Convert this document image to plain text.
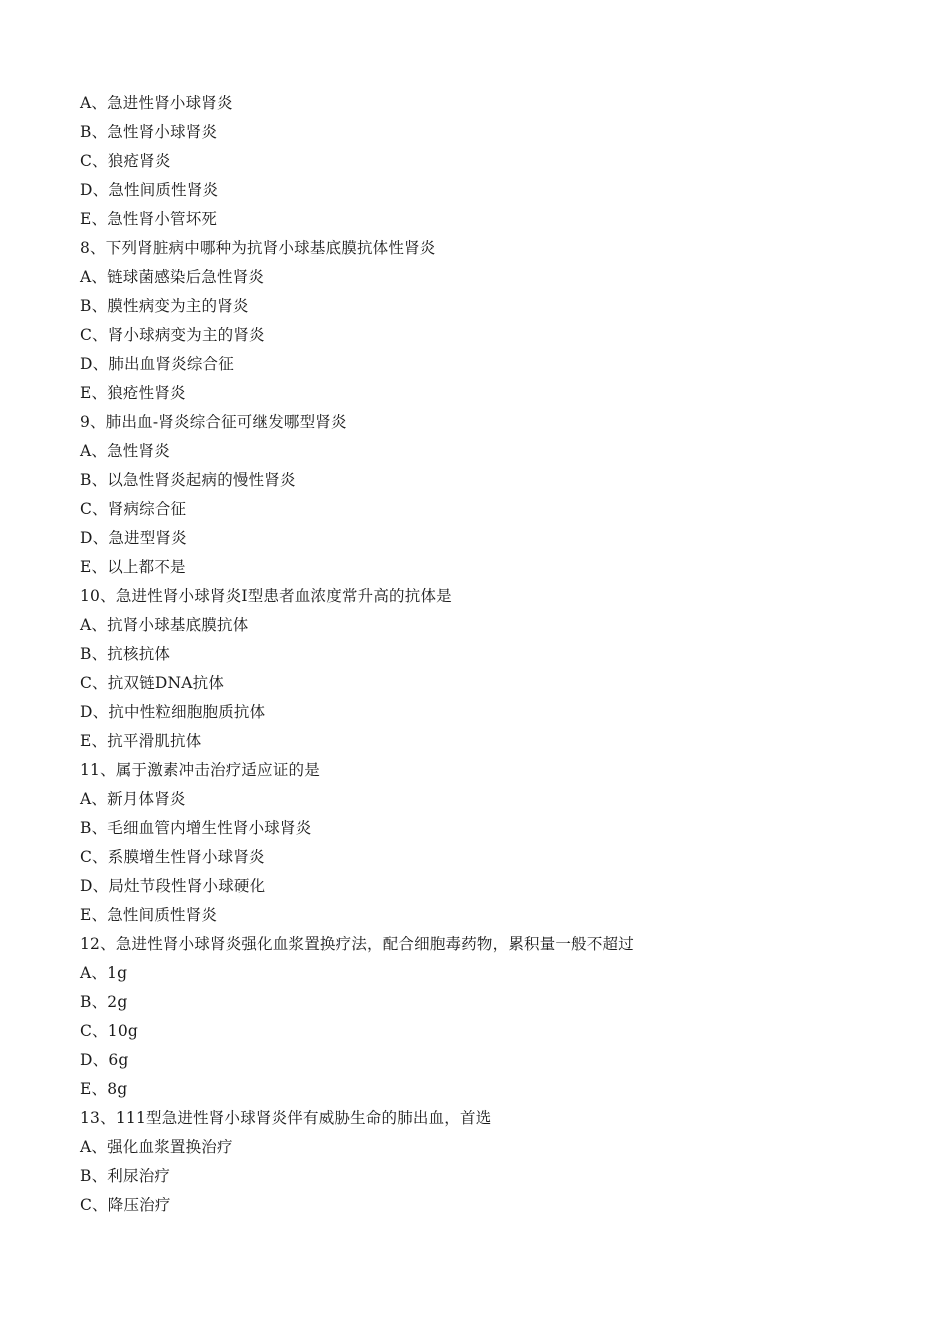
A、急进性肾小球肾炎
B、急性肾小球肾炎
C、狼疮肾炎
D、急性间质性肾炎
E、急性肾小管坏死
8、下列肾脏病中哪种为抗肾小球基底膜抗体性肾炎
A、链球菌感染后急性肾炎
B、膜性病变为主的肾炎
C、肾小球病变为主的肾炎
D、肺出血肾炎综合征
E、狼疮性肾炎
9、肺出血-肾炎综合征可继发哪型肾炎
A、急性肾炎
B、以急性肾炎起病的慢性肾炎
C、肾病综合征
D、急进型肾炎
E、以上都不是
10、急进性肾小球肾炎Ⅰ型患者血浓度常升高的抗体是
A、抗肾小球基底膜抗体
B、抗核抗体
C、抗双链DNA抗体
D、抗中性粒细胞胞质抗体
E、抗平滑肌抗体
11、属于激素冲击治疗适应证的是
A、新月体肾炎
B、毛细血管内增生性肾小球肾炎
C、系膜增生性肾小球肾炎
D、局灶节段性肾小球硬化
E、急性间质性肾炎
12、急进性肾小球肾炎强化血浆置换疗法，配合细胞毒药物，累积量一般不超过
A、1g
B、2g
C、10g
D、6g
E、8g
13、111型急进性肾小球肾炎伴有威胁生命的肺出血，首选
A、强化血浆置换治疗
B、利尿治疗
C、降压治疗
